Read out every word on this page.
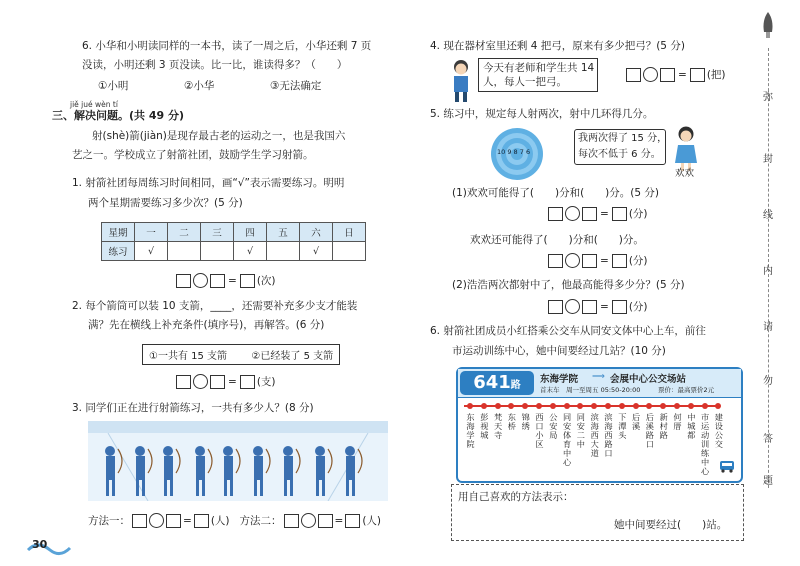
6. 小华和小明读同样的一本书，读了一周之后，小华还剩 7 页
没读，小明还剩 3 页没读。比一比，谁读得多？（　　）
①小明	②小华	③无法确定
jiě jué wèn tí
三、解决问题。(共 49 分)
射(shè)箭(jiàn)是现存最古老的运动之一，也是我国六
艺之一。学校成立了射箭社团，鼓励学生学习射箭。
1. 射箭社团每周练习时间相同，画“√”表示需要练习。明明
两个星期需要练习多少次？(5 分)
星期	一	二	三	四	五	六	日
练习	√			√		√	
= (次)
2. 每个箭筒可以装 10 支箭，____，还需要补充多少支才能装
满？先在横线上补充条件(填序号)，再解答。(6 分)
①一共有 15 支箭 ②已经装了 5 支箭
= (支)
3. 同学们正在进行射箭练习，一共有多少人？(8 分)
方法一：	= (人) 方法二：	= (人)
30
4. 现在器材室里还剩 4 把弓，原来有多少把弓？(5 分)
今天有老师和学生共 14
人，每人一把弓。
= (把)
5. 练习中，规定每人射两次，射中几环得几分。
10 9 8 7 6
我两次得了 15 分，
每次不低于 6 分。
欢欢
(1)欢欢可能得了(　　)分和(　　)分。(5 分)
= (分)
欢欢还可能得了(　　)分和(　　)分。
= (分)
(2)浩浩两次都射中了，他最高能得多少分？(5 分)
= (分)
6. 射箭社团成员小红搭乘公交车从同安文体中心上车，前往
市运动训练中心，她中间要经过几站？(10 分)
641路
东海学院 ⟹ 会展中心公交场站
首末车 周一至周五 05:50-20:00	票价：最高票价2元
东海学院
彭视城
梵天寺
东桥
锦绣
西口小区
公安局
同安体育中心
同安二中
滨海西大道
滨海西路口
下潭头
后溪
后溪路口
新村路
何厝
中城都
市运动训练中心
建设公交
用自己喜欢的方法表示：
她中间要经过(　　)站。
弥
封
线
内
请
勿
答
题
